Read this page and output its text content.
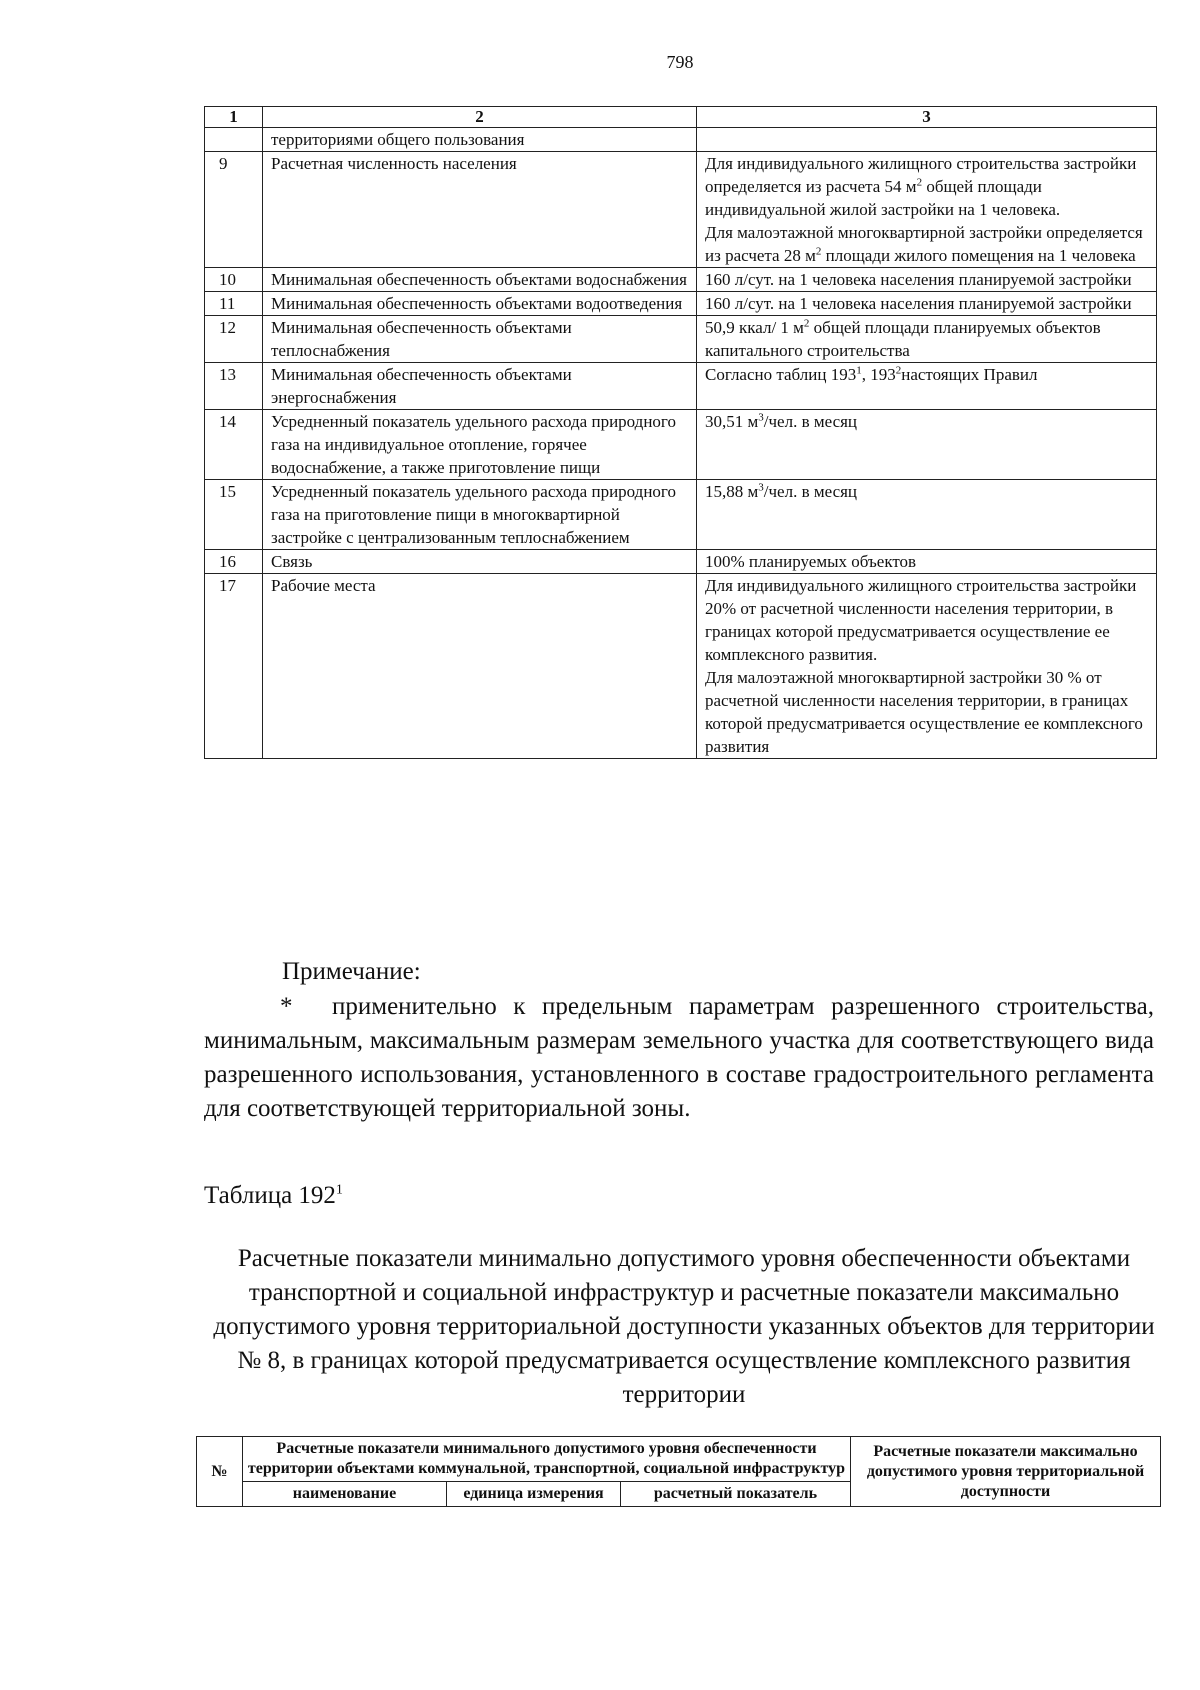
798
1	2	3
	территориями общего пользования	
9	Расчетная численность населения	Для индивидуального жилищного строительства застройки определяется из расчета 54 $м^2$ общей площади индивидуальной жилой застройки на 1 человека.
Для малоэтажной многоквартирной застройки определяется из расчета 28 $м^2$ площади жилого помещения на 1 человека
10	Минимальная обеспеченность объектами водоснабжения	160 л/сут. на 1 человека населения планируемой застройки
11	Минимальная обеспеченность объектами водоотведения	160 л/сут. на 1 человека населения планируемой застройки
12	Минимальная обеспеченность объектами теплоснабжения	50,9 ккал/ 1 $м^2$ общей площади планируемых объектов капитального строительства
13	Минимальная обеспеченность объектами энергоснабжения	Согласно таблиц $193^1$, $193^2настоящих$ Правил
14	Усредненный показатель удельного расхода природного газа на индивидуальное отопление, горячее водоснабжение, а также приготовление пищи	30,51 $м^3$/чел. в месяц
15	Усредненный показатель удельного расхода природного газа на приготовление пищи в многоквартирной застройке с централизованным теплоснабжением	15,88 $м^3$/чел. в месяц
16	Связь	100% планируемых объектов
17	Рабочие места	Для индивидуального жилищного строительства застройки 20% от расчетной численности населения территории, в границах которой предусматривается осуществление ее комплексного развития.
Для малоэтажной многоквартирной застройки 30 % от расчетной численности населения территории, в границах которой предусматривается осуществление ее комплексного развития
Примечание:
* применительно к предельным параметрам разрешенного строительства, минимальным, максимальным размерам земельного участка для соответствующего вида разрешенного использования, установленного в составе градостроительного регламента для соответствующей территориальной зоны.
Таблица $192^1$
Расчетные показатели минимально допустимого уровня обеспеченности объектами транспортной и социальной инфраструктур и расчетные показатели максимально допустимого уровня территориальной доступности указанных объектов для территории № 8, в границах которой предусматривается осуществление комплексного развития территории
№	Расчетные показатели минимального допустимого уровня обеспеченности территории объектами коммунальной, транспортной, социальной инфраструктур			Расчетные показатели максимально допустимого уровня территориальной доступности
	наименование	единица измерения	расчетный показатель	
